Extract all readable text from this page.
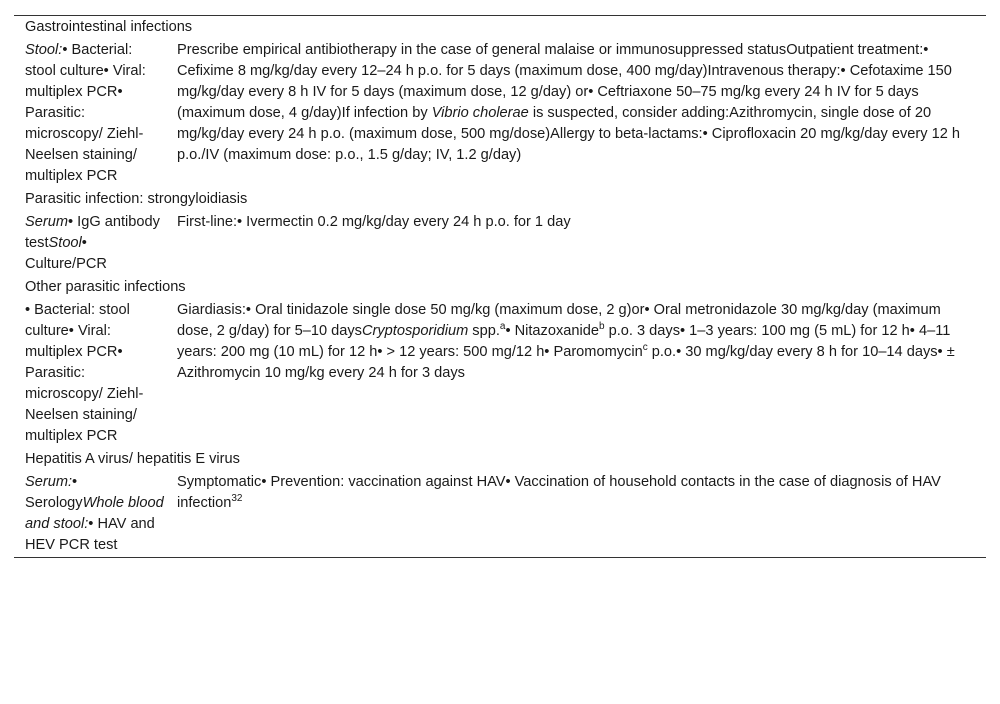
Gastrointestinal infections
Stool:• Bacterial: stool culture• Viral: multiplex PCR• Parasitic: microscopy/ Ziehl-Neelsen staining/ multiplex PCR
Prescribe empirical antibiotherapy in the case of general malaise or immunosuppressed statusOutpatient treatment:• Cefixime 8 mg/kg/day every 12–24 h p.o. for 5 days (maximum dose, 400 mg/day)Intravenous therapy:• Cefotaxime 150 mg/kg/day every 8 h IV for 5 days (maximum dose, 12 g/day) or• Ceftriaxone 50–75 mg/kg every 24 h IV for 5 days (maximum dose, 4 g/day)If infection by Vibrio cholerae is suspected, consider adding:Azithromycin, single dose of 20 mg/kg/day every 24 h p.o. (maximum dose, 500 mg/dose)Allergy to beta-lactams:• Ciprofloxacin 20 mg/kg/day every 12 h p.o./IV (maximum dose: p.o., 1.5 g/day; IV, 1.2 g/day)
Parasitic infection: strongyloidiasis
Serum• IgG antibody testStool• Culture/PCR
First-line:• Ivermectin 0.2 mg/kg/day every 24 h p.o. for 1 day
Other parasitic infections
• Bacterial: stool culture• Viral: multiplex PCR• Parasitic: microscopy/ Ziehl-Neelsen staining/ multiplex PCR
Giardiasis:• Oral tinidazole single dose 50 mg/kg (maximum dose, 2 g)or• Oral metronidazole 30 mg/kg/day (maximum dose, 2 g/day) for 5–10 daysCryptosporidium spp.$^a$• Nitazoxanide$^b$ p.o. 3 days• 1–3 years: 100 mg (5 mL) for 12 h• 4–11 years: 200 mg (10 mL) for 12 h• > 12 years: 500 mg/12 h• Paromomycin$^c$ p.o.• 30 mg/kg/day every 8 h for 10–14 days• ± Azithromycin 10 mg/kg every 24 h for 3 days
Hepatitis A virus/ hepatitis E virus
Serum:• SerologyWhole blood and stool:• HAV and HEV PCR test
Symptomatic• Prevention: vaccination against HAV• Vaccination of household contacts in the case of diagnosis of HAV infection$^{32}$
